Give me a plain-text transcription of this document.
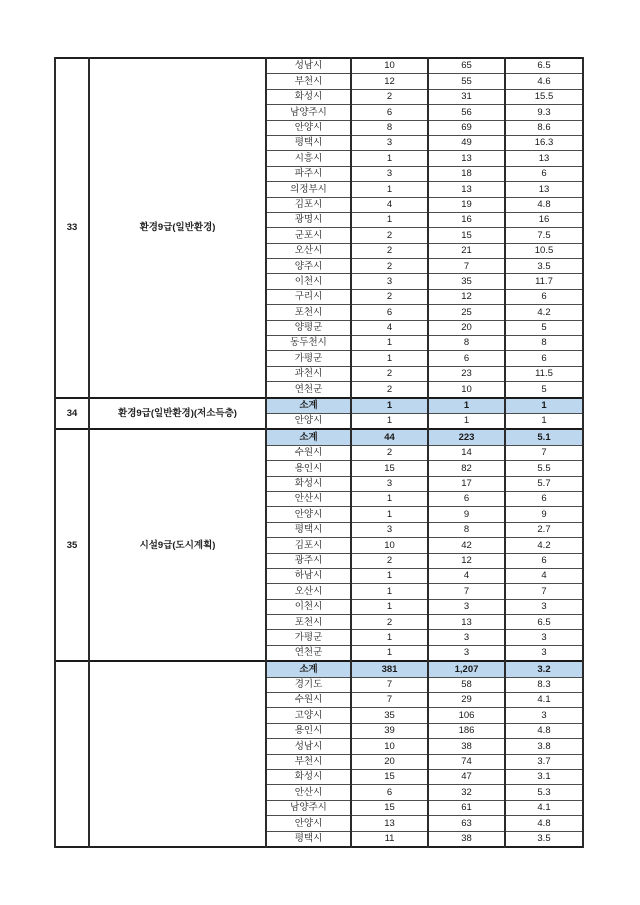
33	환경9급(일반환경)	성남시	10	65	6.5
		부천시	12	55	4.6
		화성시	2	31	15.5
		남양주시	6	56	9.3
		안양시	8	69	8.6
		평택시	3	49	16.3
		시흥시	1	13	13
		파주시	3	18	6
		의정부시	1	13	13
		김포시	4	19	4.8
		광명시	1	16	16
		군포시	2	15	7.5
		오산시	2	21	10.5
		양주시	2	7	3.5
		이천시	3	35	11.7
		구리시	2	12	6
		포천시	6	25	4.2
		양평군	4	20	5
		동두천시	1	8	8
		가평군	1	6	6
		과천시	2	23	11.5
		연천군	2	10	5
34	환경9급(일반환경)(저소득층)	소계	1	1	1
		안양시	1	1	1
35	시설9급(도시계획)	소계	44	223	5.1
		수원시	2	14	7
		용인시	15	82	5.5
		화성시	3	17	5.7
		안산시	1	6	6
		안양시	1	9	9
		평택시	3	8	2.7
		김포시	10	42	4.2
		광주시	2	12	6
		하남시	1	4	4
		오산시	1	7	7
		이천시	1	3	3
		포천시	2	13	6.5
		가평군	1	3	3
		연천군	1	3	3
		소계	381	1,207	3.2
		경기도	7	58	8.3
		수원시	7	29	4.1
		고양시	35	106	3
		용인시	39	186	4.8
		성남시	10	38	3.8
		부천시	20	74	3.7
		화성시	15	47	3.1
		안산시	6	32	5.3
		남양주시	15	61	4.1
		안양시	13	63	4.8
		평택시	11	38	3.5
